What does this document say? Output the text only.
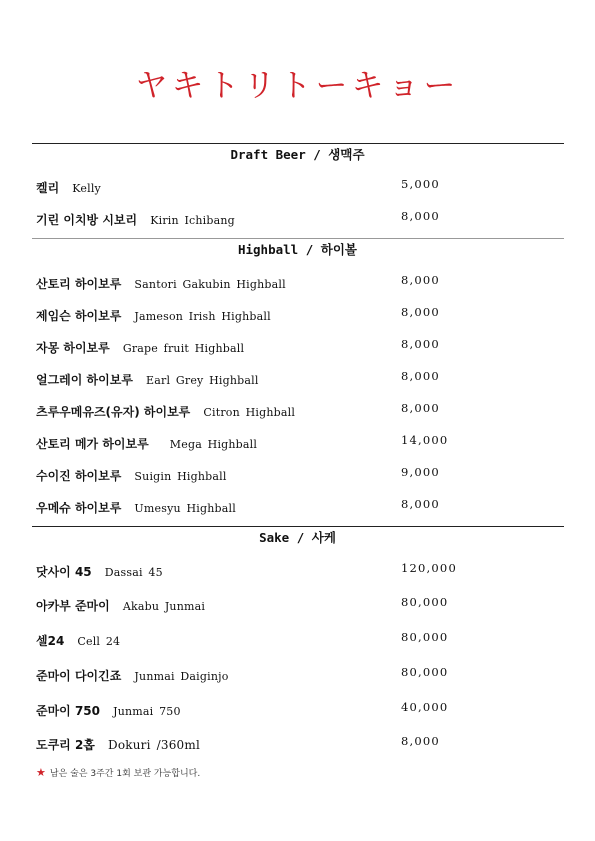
ヤキトリトーキョー
Draft Beer / 생맥주
켈리 Kelly	5,000
기린 이치방 시보리 Kirin Ichibang	8,000
Highball / 하이볼
산토리 하이보루 Santori Gakubin Highball	8,000
제임슨 하이보루 Jameson Irish Highball	8,000
자몽 하이보루 Grape fruit Highball	8,000
얼그레이 하이보루 Earl Grey Highball	8,000
츠루우메유즈(유자) 하이보루 Citron Highball	8,000
산토리 메가 하이보루 Mega Highball	14,000
수이진 하이보루 Suigin Highball	9,000
우메슈 하이보루 Umesyu Highball	8,000
Sake / 사케
닷사이 45 Dassai 45	120,000
아카부 준마이 Akabu Junmai	80,000
셀24 Cell 24	80,000
준마이 다이긴죠 Junmai Daiginjo	80,000
준마이 750 Junmai 750	40,000
도쿠리 2홉 Dokuri /360ml	8,000
★ 남은 술은 3주간 1회 보관 가능합니다.
